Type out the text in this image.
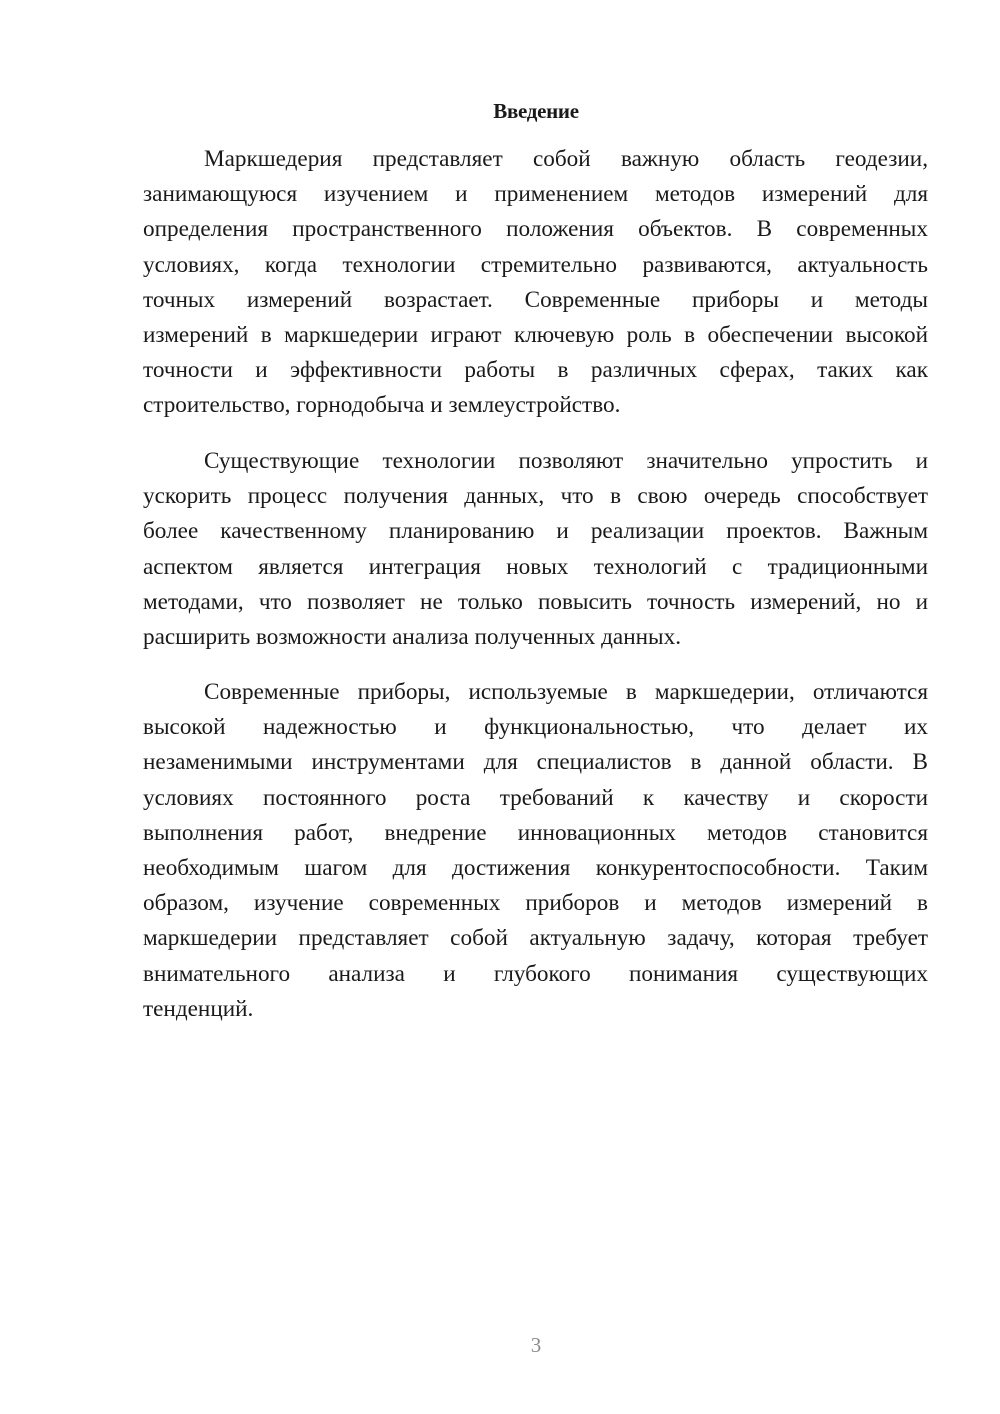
Введение
Маркшедерия представляет собой важную область геодезии,
занимающуюся изучением и применением методов измерений для
определения пространственного положения объектов. В современных
условиях, когда технологии стремительно развиваются, актуальность
точных измерений возрастает. Современные приборы и методы
измерений в маркшедерии играют ключевую роль в обеспечении высокой
точности и эффективности работы в различных сферах, таких как
строительство, горнодобыча и землеустройство.
Существующие технологии позволяют значительно упростить и
ускорить процесс получения данных, что в свою очередь способствует
более качественному планированию и реализации проектов. Важным
аспектом является интеграция новых технологий с традиционными
методами, что позволяет не только повысить точность измерений, но и
расширить возможности анализа полученных данных.
Современные приборы, используемые в маркшедерии, отличаются
высокой надежностью и функциональностью, что делает их
незаменимыми инструментами для специалистов в данной области. В
условиях постоянного роста требований к качеству и скорости
выполнения работ, внедрение инновационных методов становится
необходимым шагом для достижения конкурентоспособности. Таким
образом, изучение современных приборов и методов измерений в
маркшедерии представляет собой актуальную задачу, которая требует
внимательного анализа и глубокого понимания существующих
тенденций.
3
